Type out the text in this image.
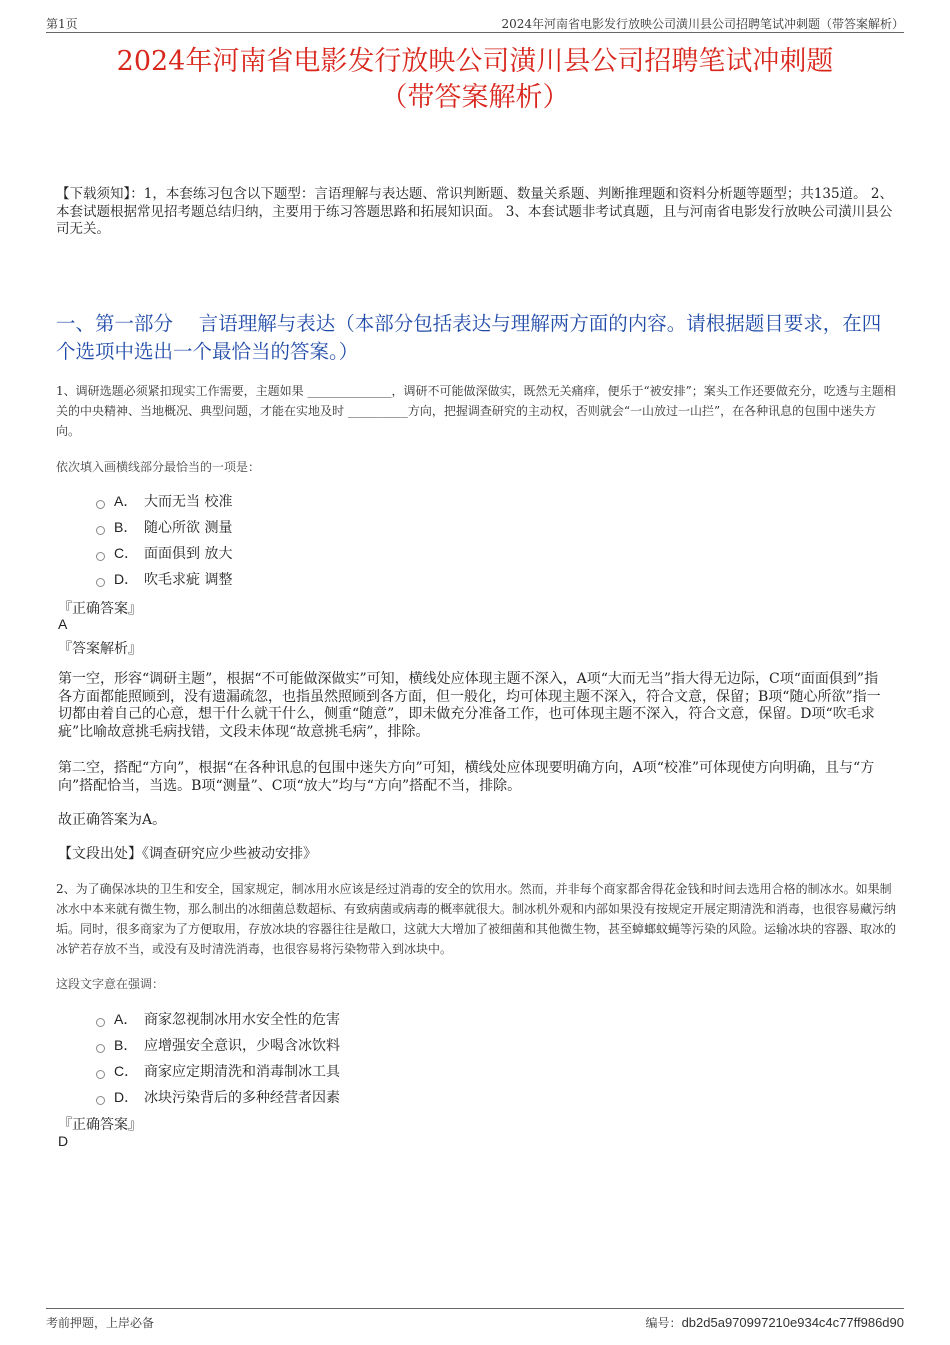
第1页	2024年河南省电影发行放映公司潢川县公司招聘笔试冲刺题（带答案解析）
2024年河南省电影发行放映公司潢川县公司招聘笔试冲刺题
（带答案解析）
【下载须知】：1，本套练习包含以下题型：言语理解与表达题、常识判断题、数量关系题、判断推理题和资料分析题等题型；共135道。 2、本套试题根据常见招考题总结归纳，主要用于练习答题思路和拓展知识面。 3、本套试题非考试真题，且与河南省电影发行放映公司潢川县公司无关。
一、第一部分　 言语理解与表达（本部分包括表达与理解两方面的内容。请根据题目要求，在四个选项中选出一个最恰当的答案。）
1、调研选题必须紧扣现实工作需要，主题如果 ______________，调研不可能做深做实，既然无关痛痒，便乐于“被安排”；案头工作还要做充分，吃透与主题相关的中央精神、当地概况、典型问题，才能在实地及时 __________方向，把握调查研究的主动权，否则就会“一山放过一山拦”，在各种讯息的包围中迷失方向。
依次填入画横线部分最恰当的一项是：
A． 大而无当 校准
B． 随心所欲 测量
C． 面面俱到 放大
D． 吹毛求疵 调整
『正确答案』
A
『答案解析』
第一空，形容“调研主题”，根据“不可能做深做实”可知，横线处应体现主题不深入，A项“大而无当”指大得无边际，C项“面面俱到”指各方面都能照顾到，没有遗漏疏忽，也指虽然照顾到各方面，但一般化，均可体现主题不深入，符合文意，保留；B项“随心所欲”指一切都由着自己的心意，想干什么就干什么，侧重“随意”，即未做充分准备工作，也可体现主题不深入，符合文意，保留。D项“吹毛求疵”比喻故意挑毛病找错，文段未体现“故意挑毛病”，排除。
第二空，搭配“方向”，根据“在各种讯息的包围中迷失方向”可知，横线处应体现要明确方向，A项“校准”可体现使方向明确，且与“方向”搭配恰当，当选。B项“测量”、C项“放大”均与“方向”搭配不当，排除。
故正确答案为A。
【文段出处】《调查研究应少些被动安排》
2、为了确保冰块的卫生和安全，国家规定，制冰用水应该是经过消毒的安全的饮用水。然而，并非每个商家都舍得花金钱和时间去选用合格的制冰水。如果制冰水中本来就有微生物，那么制出的冰细菌总数超标、有致病菌或病毒的概率就很大。制冰机外观和内部如果没有按规定开展定期清洗和消毒，也很容易藏污纳垢。同时，很多商家为了方便取用，存放冰块的容器往往是敞口，这就大大增加了被细菌和其他微生物，甚至蟑螂蚊蝇等污染的风险。运输冰块的容器、取冰的冰铲若存放不当，或没有及时清洗消毒，也很容易将污染物带入到冰块中。
这段文字意在强调：
A． 商家忽视制冰用水安全性的危害
B． 应增强安全意识，少喝含冰饮料
C． 商家应定期清洗和消毒制冰工具
D． 冰块污染背后的多种经营者因素
『正确答案』
D
考前押题，上岸必备	编号：db2d5a970997210e934c4c77ff986d90
